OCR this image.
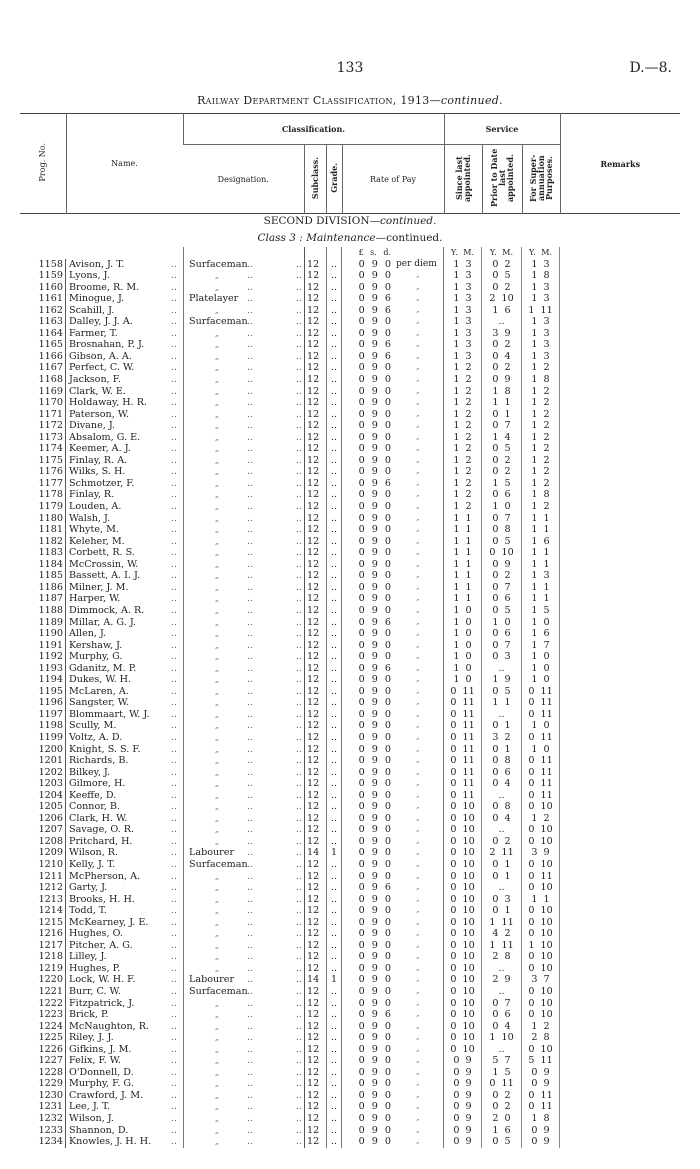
133	D.—8.
Railway Department Classification, 1913—continued.
Prog. No.	Name.	Classification.				Service			Remarks
		Designation.	Subclass.	Grade.	Rate of Pay	Since last appointed.	Prior to Date last appointed.	For Super-annuation Purposes.	
SECOND DIVISION—continued.
Class 3 : Maintenance—continued.
£ s. d.	Y. M.	Y. M.	Y. M.
1158 Avison, J. T. ..	Surfaceman ..	12	..	0 9 0 per diem	1 3	0 2	1 3
1159 Lyons, J. ..	„ ..	12	..	0 9 0	„	1 3	0 5	1 8
1160 Broome, R. M. ..	„ ..	12	..	0 9 0	„	1 3	0 2	1 3
1161 Minogue, J. ..	Platelayer ..	12	..	0 9 6	„	1 3	2 10	1 3
1162 Scahill, J. ..	„ ..	12	..	0 9 6	„	1 3	1 6	1 11
1163 Dalley, J. J. A. ..	Surfaceman ..	12	..	0 9 0	„	1 3	..	1 3
1164 Farmer, T. ..	„ ..	12	..	0 9 0	„	1 3	3 9	1 3
1165 Brosnahan, P. J. ..	„ ..	12	..	0 9 6	„	1 3	0 2	1 3
1166 Gibson, A. A. ..	„ ..	12	..	0 9 6	„	1 3	0 4	1 3
1167 Perfect, C. W. ..	„ ..	12	..	0 9 0	„	1 2	0 2	1 2
1168 Jackson, F. ..	„ ..	12	..	0 9 0	„	1 2	0 9	1 8
1169 Clark, W. E. ..	„ ..	12	..	0 9 0	„	1 2	1 8	1 2
1170 Holdaway, H. R. ..	„ ..	12	..	0 9 0	„	1 2	1 1	1 2
1171 Paterson, W. ..	„ ..	12	..	0 9 0	„	1 2	0 1	1 2
1172 Divane, J. ..	„ ..	12	..	0 9 0	„	1 2	0 7	1 2
1173 Absalom, G. E. ..	„ ..	12	..	0 9 0	„	1 2	1 4	1 2
1174 Keemer, A. J. ..	„ ..	12	..	0 9 0	„	1 2	0 5	1 2
1175 Finlay, R. A. ..	„ ..	12	..	0 9 0	„	1 2	0 2	1 2
1176 Wilks, S. H. ..	„ ..	12	..	0 9 0	„	1 2	0 2	1 2
1177 Schmotzer, F. ..	„ ..	12	..	0 9 6	„	1 2	1 5	1 2
1178 Finlay, R. ..	„ ..	12	..	0 9 0	„	1 2	0 6	1 8
1179 Louden, A. ..	„ ..	12	..	0 9 0	„	1 2	1 0	1 2
1180 Walsh, J. ..	„ ..	12	..	0 9 0	„	1 1	0 7	1 1
1181 Whyte, M. ..	„ ..	12	..	0 9 0	„	1 1	0 8	1 1
1182 Keleher, M. ..	„ ..	12	..	0 9 0	„	1 1	0 5	1 6
1183 Corbett, R. S. ..	„ ..	12	..	0 9 0	„	1 1	0 10	1 1
1184 McCrossin, W. ..	„ ..	12	..	0 9 0	„	1 1	0 9	1 1
1185 Bassett, A. I. J. ..	„ ..	12	..	0 9 0	„	1 1	0 2	1 3
1186 Milner, J. M. ..	„ ..	12	..	0 9 0	„	1 1	0 7	1 1
1187 Harper, W. ..	„ ..	12	..	0 9 0	„	1 1	0 6	1 1
1188 Dimmock, A. R. ..	„ ..	12	..	0 9 0	„	1 0	0 5	1 5
1189 Millar, A. G. J. ..	„ ..	12	..	0 9 6	„	1 0	1 0	1 0
1190 Allen, J. ..	„ ..	12	..	0 9 0	„	1 0	0 6	1 6
1191 Kershaw, J. ..	„ ..	12	..	0 9 0	„	1 0	0 7	1 7
1192 Murphy, G. ..	„ ..	12	..	0 9 0	„	1 0	0 3	1 0
1193 Gdanitz, M. P. ..	„ ..	12	..	0 9 6	„	1 0	..	1 0
1194 Dukes, W. H. ..	„ ..	12	..	0 9 0	„	1 0	1 9	1 0
1195 McLaren, A. ..	„ ..	12	..	0 9 0	„	0 11	0 5	0 11
1196 Sangster, W. ..	„ ..	12	..	0 9 0	„	0 11	1 1	0 11
1197 Blommaart, W. J. ..	„ ..	12	..	0 9 0	„	0 11	..	0 11
1198 Scully, M. ..	„ ..	12	..	0 9 0	„	0 11	0 1	1 0
1199 Voltz, A. D. ..	„ ..	12	..	0 9 0	„	0 11	3 2	0 11
1200 Knight, S. S. F. ..	„ ..	12	..	0 9 0	„	0 11	0 1	1 0
1201 Richards, B. ..	„ ..	12	..	0 9 0	„	0 11	0 8	0 11
1202 Bilkey, J. ..	„ ..	12	..	0 9 0	„	0 11	0 6	0 11
1203 Gilmore, H. ..	„ ..	12	..	0 9 0	„	0 11	0 4	0 11
1204 Keeffe, D. ..	„ ..	12	..	0 9 0	„	0 11	..	0 11
1205 Connor, B. ..	„ ..	12	..	0 9 0	„	0 10	0 8	0 10
1206 Clark, H. W. ..	„ ..	12	..	0 9 0	„	0 10	0 4	1 2
1207 Savage, O. R. ..	„ ..	12	..	0 9 0	„	0 10	..	0 10
1208 Pritchard, H. ..	„ ..	12	..	0 9 0	„	0 10	0 2	0 10
1209 Wilson, R. ..	Labourer ..	14	1	0 9 0	„	0 10	2 11	3 9
1210 Kelly, J. T. ..	Surfaceman ..	12	..	0 9 0	„	0 10	0 1	0 10
1211 McPherson, A. ..	„ ..	12	..	0 9 0	„	0 10	0 1	0 11
1212 Garty, J. ..	„ ..	12	..	0 9 6	„	0 10	..	0 10
1213 Brooks, H. H. ..	„ ..	12	..	0 9 0	„	0 10	0 3	1 1
1214 Todd, T. ..	„ ..	12	..	0 9 0	„	0 10	0 1	0 10
1215 McKearney, J. E. ..	„ ..	12	..	0 9 0	„	0 10	1 11	0 10
1216 Hughes, O. ..	„ ..	12	..	0 9 0	„	0 10	4 2	0 10
1217 Pitcher, A. G. ..	„ ..	12	..	0 9 0	„	0 10	1 11	1 10
1218 Lilley, J. ..	„ ..	12	..	0 9 0	„	0 10	2 8	0 10
1219 Hughes, P. ..	„ ..	12	..	0 9 0	„	0 10	..	0 10
1220 Lock, W. H. F. ..	Labourer ..	14	1	0 9 0	„	0 10	2 9	3 7
1221 Burr, C. W. ..	Surfaceman ..	12	..	0 9 0	„	0 10	..	0 10
1222 Fitzpatrick, J. ..	„ ..	12	..	0 9 0	„	0 10	0 7	0 10
1223 Brick, P. ..	„ ..	12	..	0 9 6	„	0 10	0 6	0 10
1224 McNaughton, R. ..	„ ..	12	..	0 9 0	„	0 10	0 4	1 2
1225 Riley, J. J. ..	„ ..	12	..	0 9 0	„	0 10	1 10	2 8
1226 Gifkins, J. M. ..	„ ..	12	..	0 9 0	„	0 10	..	0 10
1227 Felix, F. W. ..	„ ..	12	..	0 9 0	„	0 9	5 7	5 11
1228 O'Donnell, D. ..	„ ..	12	..	0 9 0	„	0 9	1 5	0 9
1229 Murphy, F. G. ..	„ ..	12	..	0 9 0	„	0 9	0 11	0 9
1230 Crawford, J. M. ..	„ ..	12	..	0 9 0	„	0 9	0 2	0 11
1231 Lee, J. T. ..	„ ..	12	..	0 9 0	„	0 9	0 2	0 11
1232 Wilson, J. ..	„ ..	12	..	0 9 0	„	0 9	2 0	1 8
1233 Shannon, D. ..	„ ..	12	..	0 9 0	„	0 9	1 6	0 9
1234 Knowles, J. H. H. ..	„ ..	12	..	0 9 0	„	0 9	0 5	0 9
